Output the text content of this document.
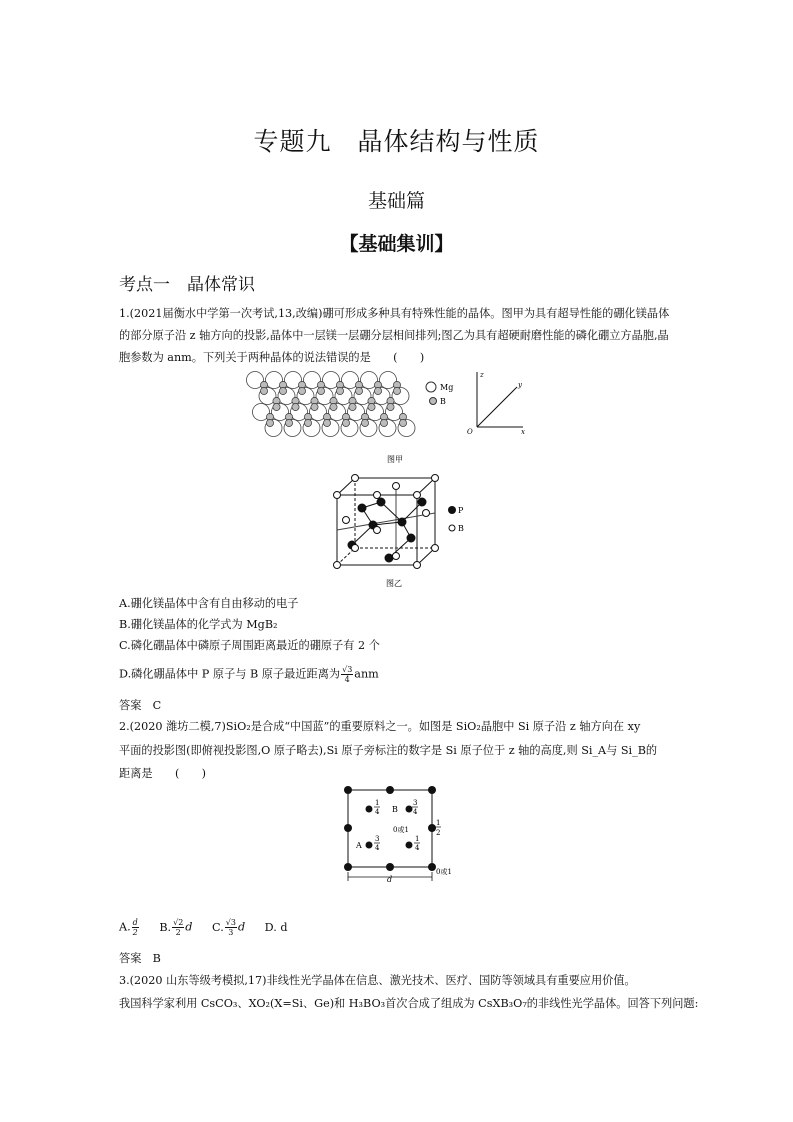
专题九　晶体结构与性质
基础篇
【基础集训】
考点一　晶体常识
1.(2021届衡水中学第一次考试,13,改编)硼可形成多种具有特殊性能的晶体。图甲为具有超导性能的硼化镁晶体的部分原子沿 z 轴方向的投影,晶体中一层镁一层硼分层相间排列;图乙为具有超硬耐磨性能的磷化硼立方晶胞,晶胞参数为 anm。下列关于两种晶体的说法错误的是　　(　　)
Mg
B
z
y
x
O
图甲
P
B
图乙
A.硼化镁晶体中含有自由移动的电子
B.硼化镁晶体的化学式为 MgB₂
C.磷化硼晶体中磷原子周围距离最近的硼原子有 2 个
D.磷化硼晶体中 P 原子与 B 原子最近距离为 $\frac{√3}{4}$ anm
答案　C
2.(2020 潍坊二模,7)SiO₂是合成“中国蓝”的重要原料之一。如图是 SiO₂晶胞中 Si 原子沿 z 轴方向在 xy
平面的投影图(即俯视投影图,O 原子略去),Si 原子旁标注的数字是 Si 原子位于 z 轴的高度,则 Si_A与 Si_B的
距离是　　(　　)
1
4 B
3
4
0或1
1
2
A
3
4
1
4
0或1
d
A. $\frac{d}{2} B$. $\frac{√2}{2}$ d C. $\frac{√3}{3}$ d D. d
答案　B
3.(2020 山东等级考模拟,17)非线性光学晶体在信息、激光技术、医疗、国防等领域具有重要应用价值。
我国科学家利用 CsCO₃、XO₂(X=Si、Ge)和 H₃BO₃首次合成了组成为 CsXB₃O₇的非线性光学晶体。回答下列问题:
